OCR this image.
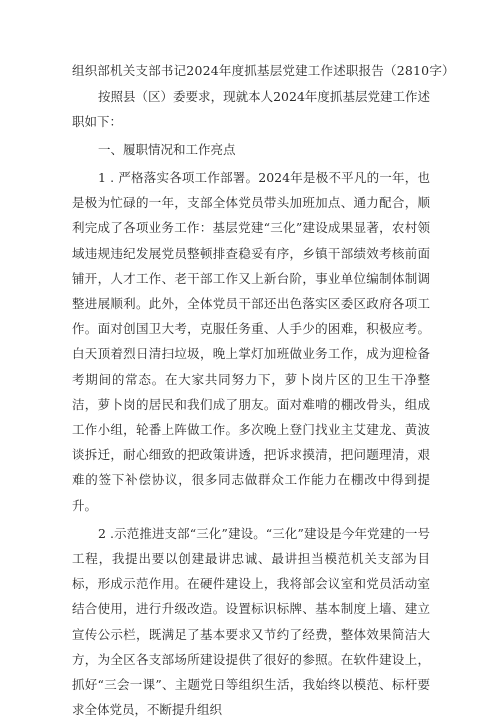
组织部机关支部书记2024年度抓基层党建工作述职报告（2810字）

按照县（区）委要求，现就本人2024年度抓基层党建工作述职如下：

一、履职情况和工作亮点

1 . 严格落实各项工作部署。2024年是极不平凡的一年，也是极为忙碌的一年，支部全体党员带头加班加点、通力配合，顺利完成了各项业务工作：基层党建“三化”建设成果显著，农村领域违规违纪发展党员整顿排查稳妥有序，乡镇干部绩效考核前面铺开，人才工作、老干部工作又上新台阶，事业单位编制体制调整进展顺利。此外，全体党员干部还出色落实区委区政府各项工作。面对创国卫大考，克服任务重、人手少的困难，积极应考。白天顶着烈日清扫垃圾，晚上掌灯加班做业务工作，成为迎检备考期间的常态。在大家共同努力下，萝卜岗片区的卫生干净整洁，萝卜岗的居民和我们成了朋友。面对难啃的棚改骨头，组成工作小组，轮番上阵做工作。多次晚上登门找业主艾建龙、黄波谈拆迁，耐心细致的把政策讲透，把诉求摸清，把问题理清，艰难的签下补偿协议，很多同志做群众工作能力在棚改中得到提升。

2 .示范推进支部“三化”建设。“三化”建设是今年党建的一号工程，我提出要以创建最讲忠诚、最讲担当模范机关支部为目标，形成示范作用。在硬件建设上，我将部会议室和党员活动室结合使用，进行升级改造。设置标识标牌、基本制度上墙、建立宣传公示栏，既满足了基本要求又节约了经费，整体效果简洁大方，为全区各支部场所建设提供了很好的参照。在软件建设上，抓好“三会一课”、主题党日等组织生活，我始终以模范、标杆要求全体党员，不断提升组织
